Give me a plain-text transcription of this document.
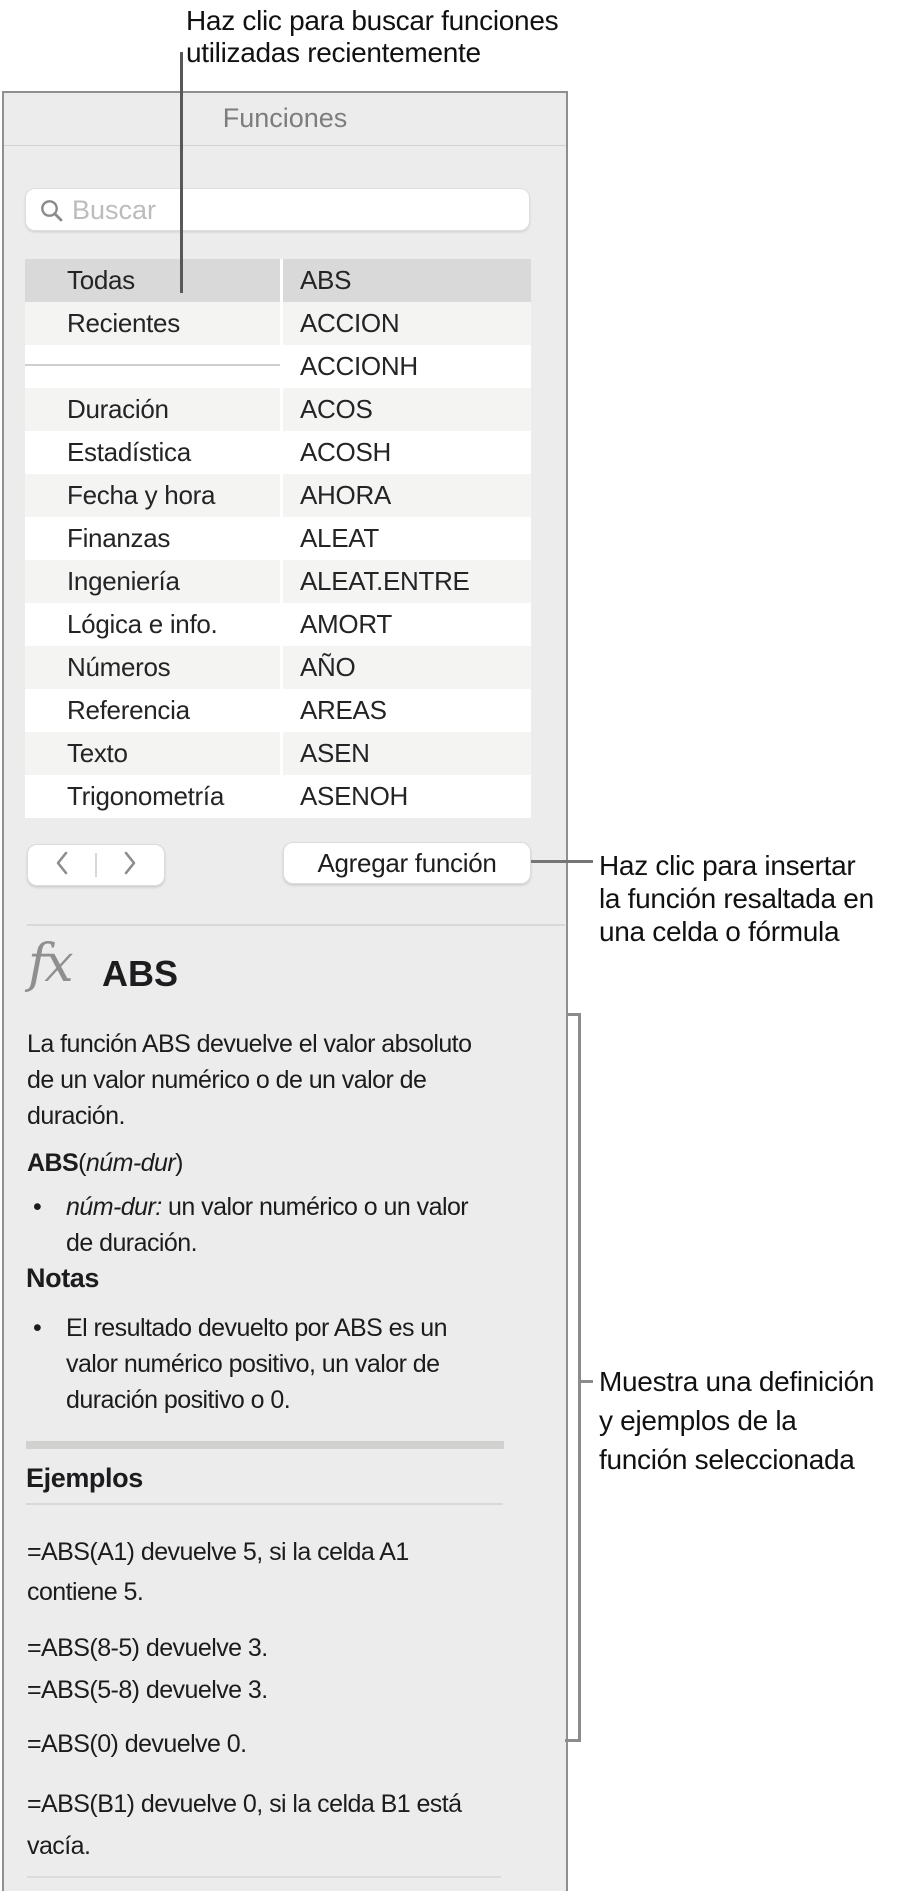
Funciones
Buscar
Todas
Recientes
Duración
Estadística
Fecha y hora
Finanzas
Ingeniería
Lógica e info.
Números
Referencia
Texto
Trigonometría
ABS
ACCION
ACCIONH
ACOS
ACOSH
AHORA
ALEAT
ALEAT.ENTRE
AMORT
AÑO
AREAS
ASEN
ASENOH
Agregar función
fx ABS
La función ABS devuelve el valor absoluto
de un valor numérico o de un valor de
duración.
ABS(núm-dur)
• núm-dur: un valor numérico o un valor
de duración.
Notas
• El resultado devuelto por ABS es un
valor numérico positivo, un valor de
duración positivo o 0.
Ejemplos
=ABS(A1) devuelve 5, si la celda A1
contiene 5.
=ABS(8-5) devuelve 3.
=ABS(5-8) devuelve 3.
=ABS(0) devuelve 0.
=ABS(B1) devuelve 0, si la celda B1 está
vacía.
Haz clic para buscar funciones
utilizadas recientemente
Haz clic para insertar
la función resaltada en
una celda o fórmula
Muestra una definición
y ejemplos de la
función seleccionada
